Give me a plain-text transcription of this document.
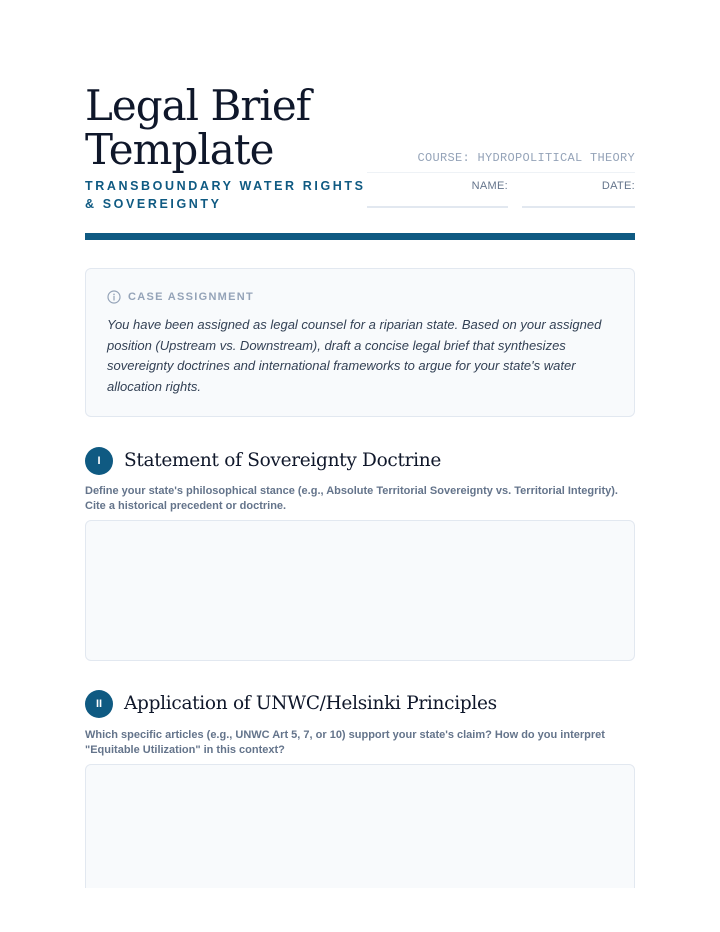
Legal Brief
Template
TRANSBOUNDARY WATER RIGHTS
& SOVEREIGNTY
COURSE: HYDROPOLITICAL THEORY
NAME:	DATE:
CASE ASSIGNMENT

You have been assigned as legal counsel for a riparian state. Based on your assigned position (Upstream vs. Downstream), draft a concise legal brief that synthesizes sovereignty doctrines and international frameworks to argue for your state's water allocation rights.

I	Statement of Sovereignty Doctrine

Define your state's philosophical stance (e.g., Absolute Territorial Sovereignty vs. Territorial Integrity). Cite a historical precedent or doctrine.

II	Application of UNWC/Helsinki Principles

Which specific articles (e.g., UNWC Art 5, 7, or 10) support your state's claim? How do you interpret "Equitable Utilization" in this context?
